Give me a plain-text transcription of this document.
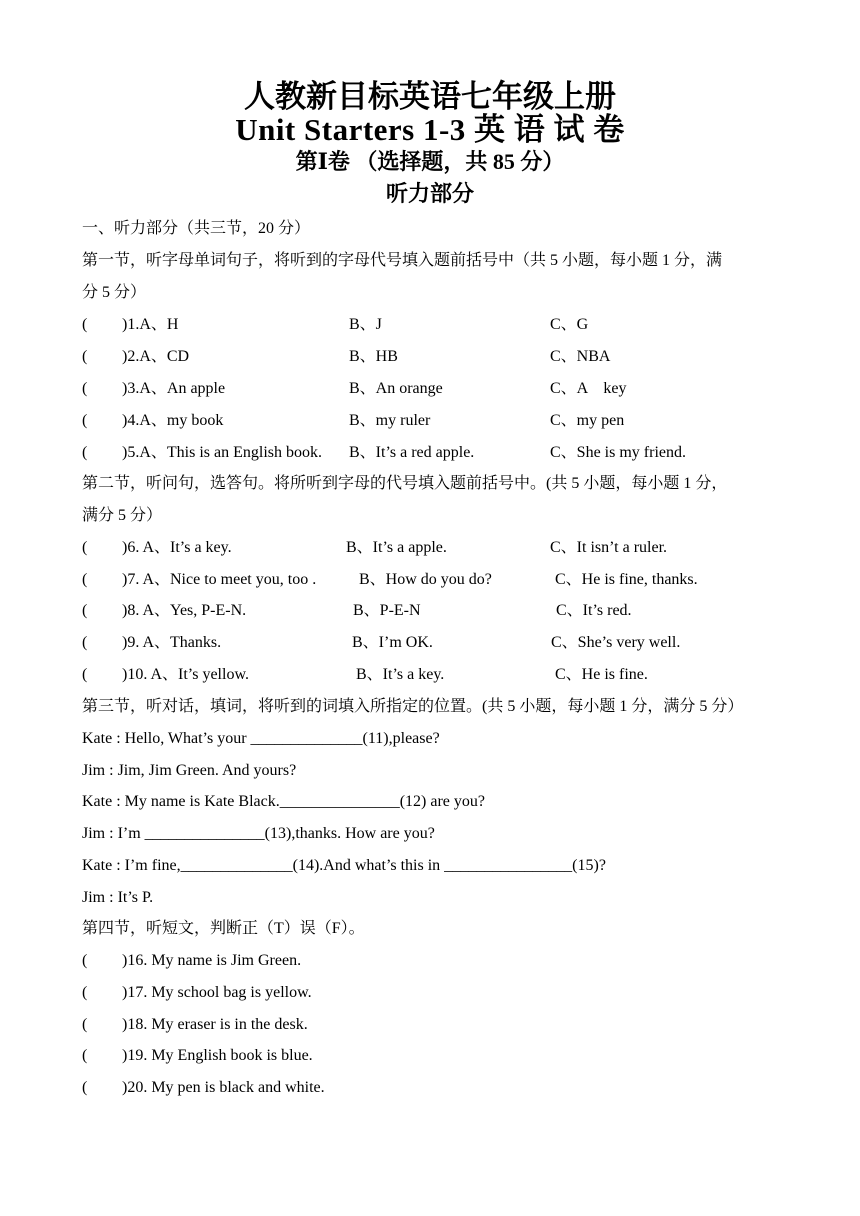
人教新目标英语七年级上册
Unit Starters 1-3 英 语 试 卷
第Ⅰ卷 （选择题，共 85 分）
听力部分
一、听力部分（共三节，20 分）
第一节，听字母单词句子，将听到的字母代号填入题前括号中（共 5 小题，每小题 1 分，满
分 5 分）
( )1.A、H	B、J	C、G
( )2.A、CD	B、HB	C、NBA
( )3.A、An apple	B、An orange	C、A    key
( )4.A、my book	B、my ruler	C、my pen
( )5.A、This is an English book. B、It’s a red apple.	C、She is my friend.
第二节，听问句，选答句。将所听到字母的代号填入题前括号中。(共 5 小题，每小题 1 分，
满分 5 分）
( )6. A、It’s a key.	B、It’s a apple.	C、It isn’t a ruler.
( )7. A、Nice to meet you, too .	B、How do you do?	C、He is fine, thanks.
( )8. A、Yes, P-E-N.	B、P-E-N	C、It’s red.
( )9. A、Thanks.	B、I’m OK.	C、She’s very well.
( )10. A、It’s yellow.	B、It’s a key.	C、He is fine.
第三节，听对话，填词，将听到的词填入所指定的位置。(共 5 小题，每小题 1 分，满分 5 分）
Kate : Hello, What’s your ______________(11),please?
Jim : Jim, Jim Green. And yours?
Kate : My name is Kate Black._______________(12) are you?
Jim : I’m _______________(13),thanks. How are you?
Kate : I’m fine,______________(14).And what’s this in ________________(15)?
Jim : It’s P.
第四节，听短文，判断正（T）误（F）。
( )16. My name is Jim Green.
( )17. My school bag is yellow.
( )18. My eraser is in the desk.
( )19. My English book is blue.
( )20. My pen is black and white.
